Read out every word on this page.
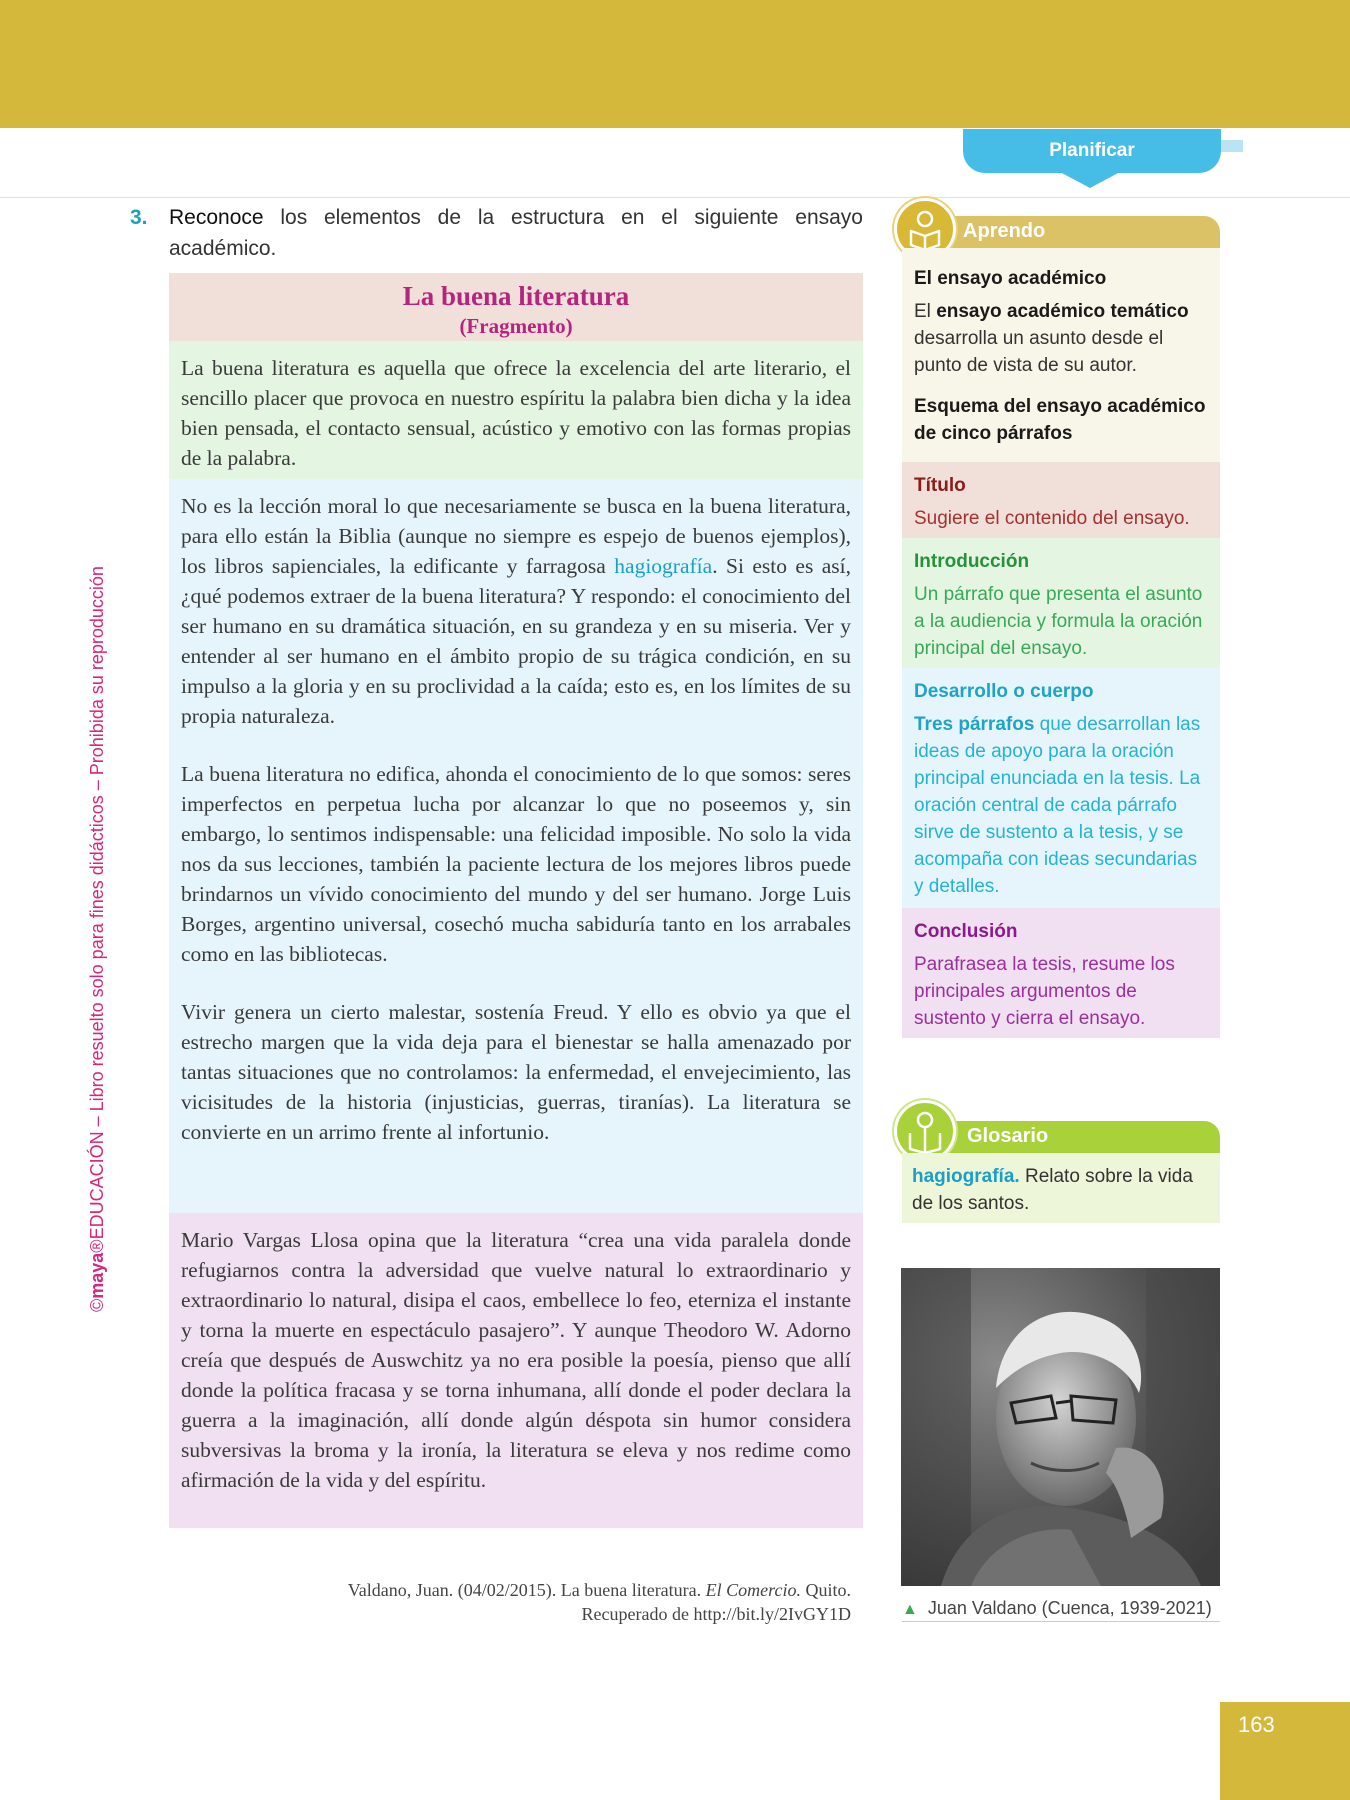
Planificar
©maya®EDUCACIÓN – Libro resuelto solo para fines didácticos – Prohibida su reproducción
3. Reconoce los elementos de la estructura en el siguiente ensayo académico.
La buena literatura
(Fragmento)

La buena literatura es aquella que ofrece la excelencia del arte literario, el sencillo placer que provoca en nuestro espíritu la palabra bien dicha y la idea bien pensada, el contacto sensual, acústico y emotivo con las formas propias de la palabra.

No es la lección moral lo que necesariamente se busca en la buena literatura, para ello están la Biblia (aunque no siempre es espejo de buenos ejemplos), los libros sapienciales, la edificante y farragosa hagiografía. Si esto es así, ¿qué podemos extraer de la buena literatura? Y respondo: el conocimiento del ser humano en su dramática situación, en su grandeza y en su miseria. Ver y entender al ser humano en el ámbito propio de su trágica condición, en su impulso a la gloria y en su proclividad a la caída; esto es, en los límites de su propia naturaleza.

La buena literatura no edifica, ahonda el conocimiento de lo que somos: seres imperfectos en perpetua lucha por alcanzar lo que no poseemos y, sin embargo, lo sentimos indispensable: una felicidad imposible. No solo la vida nos da sus lecciones, también la paciente lectura de los mejores libros puede brindarnos un vívido conocimiento del mundo y del ser humano. Jorge Luis Borges, argentino universal, cosechó mucha sabiduría tanto en los arrabales como en las bibliotecas.

Vivir genera un cierto malestar, sostenía Freud. Y ello es obvio ya que el estrecho margen que la vida deja para el bienestar se halla amenazado por tantas situaciones que no controlamos: la enfermedad, el envejecimiento, las vicisitudes de la historia (injusticias, guerras, tiranías). La literatura se convierte en un arrimo frente al infortunio.

Mario Vargas Llosa opina que la literatura “crea una vida paralela donde refugiarnos contra la adversidad que vuelve natural lo extraordinario y extraordinario lo natural, disipa el caos, embellece lo feo, eterniza el instante y torna la muerte en espectáculo pasajero”. Y aunque Theodoro W. Adorno creía que después de Auswchitz ya no era posible la poesía, pienso que allí donde la política fracasa y se torna inhumana, allí donde el poder declara la guerra a la imaginación, allí donde algún déspota sin humor considera subversivas la broma y la ironía, la literatura se eleva y nos redime como afirmación de la vida y del espíritu.

Valdano, Juan. (04/02/2015). La buena literatura. El Comercio. Quito.
Recuperado de http://bit.ly/2IvGY1D
Aprendo
El ensayo académico
El ensayo académico temático desarrolla un asunto desde el punto de vista de su autor.
Esquema del ensayo académico de cinco párrafos
Título
Sugiere el contenido del ensayo.
Introducción
Un párrafo que presenta el asunto a la audiencia y formula la oración principal del ensayo.
Desarrollo o cuerpo
Tres párrafos que desarrollan las ideas de apoyo para la oración principal enunciada en la tesis. La oración central de cada párrafo sirve de sustento a la tesis, y se acompaña con ideas secundarias y detalles.
Conclusión
Parafrasea la tesis, resume los principales argumentos de sustento y cierra el ensayo.
Glosario
hagiografía. Relato sobre la vida de los santos.
▲ Juan Valdano (Cuenca, 1939-2021)
163
